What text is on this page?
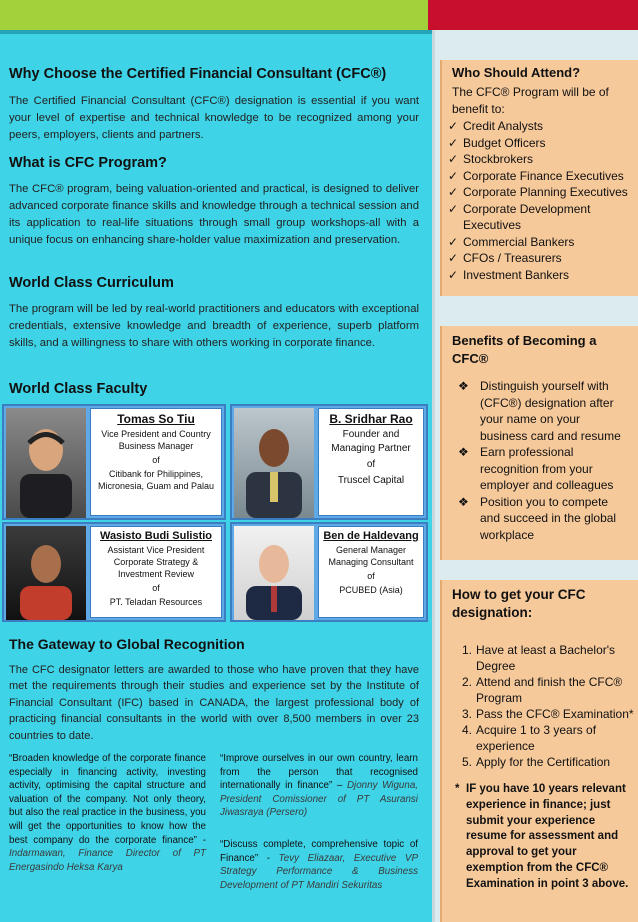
Why Choose the Certified Financial Consultant (CFC®)

The Certified Financial Consultant (CFC®) designation is essential if you want your level of expertise and technical knowledge to be recognized among your peers, employers, clients and partners.

What is CFC Program?

The CFC® program, being valuation-oriented and practical, is designed to deliver advanced corporate finance skills and knowledge through a technical session and its application to real-life situations through small group workshops-all with a unique focus on enhancing share-holder value maximization and preservation.

World Class Curriculum

The program will be led by real-world practitioners and educators with exceptional credentials, extensive knowledge and breadth of experience, superb platform skills, and a willingness to share with others working in corporate finance.

World Class Faculty
Tomas So Tiu
Vice President and Country Business Manager
of
Citibank for Philippines, Micronesia, Guam and Palau
B. Sridhar Rao
Founder and Managing Partner
of
Truscel Capital
Wasisto Budi Sulistio
Assistant Vice President Corporate Strategy & Investment Review
of
PT. Teladan Resources
Ben de Haldevang
General Manager Managing Consultant
of
PCUBED (Asia)
The Gateway to Global Recognition

The CFC designator letters are awarded to those who have proven that they have met the requirements through their studies and experience set by the Institute of Financial Consultant (IFC) based in CANADA, the largest professional body of practicing financial consultants in the world with over 8,500 members in over 23 countries to date.

“Broaden knowledge of the corporate finance especially in financing activity, investing activity, optimising the capital structure and valuation of the company. Not only theory, but also the real practice in the business, you will get the opportunities to know how the best company do the corporate finance” - Indarmawan, Finance Director of PT Energasindo Heksa Karya
“Improve ourselves in our own country, learn from the person that recognised internationally in finance” – Djonny Wiguna, President Comissioner of PT Asuransi Jiwasraya (Persero)
“Discuss complete, comprehensive topic of Finance” - Tevy Eliazaar, Executive VP Strategy Performance & Business Development of PT Mandiri Sekuritas
Who Should Attend?
The CFC® Program will be of benefit to:
✓ Credit Analysts
✓ Budget Officers
✓ Stockbrokers
✓ Corporate Finance Executives
✓ Corporate Planning Executives
✓ Corporate Development Executives
✓ Commercial Bankers
✓ CFOs / Treasurers
✓ Investment Bankers
Benefits of Becoming a CFC®
❖ Distinguish yourself with (CFC®) designation after your name on your business card and resume
❖ Earn professional recognition from your employer and colleagues
❖ Position you to compete and succeed in the global workplace
How to get your CFC designation:
1. Have at least a Bachelor's Degree
2. Attend and finish the CFC® Program
3. Pass the CFC® Examination*
4. Acquire 1 to 3 years of experience
5. Apply for the Certification
* IF you have 10 years relevant experience in finance; just submit your experience resume for assessment and approval to get your exemption from the CFC® Examination in point 3 above.
